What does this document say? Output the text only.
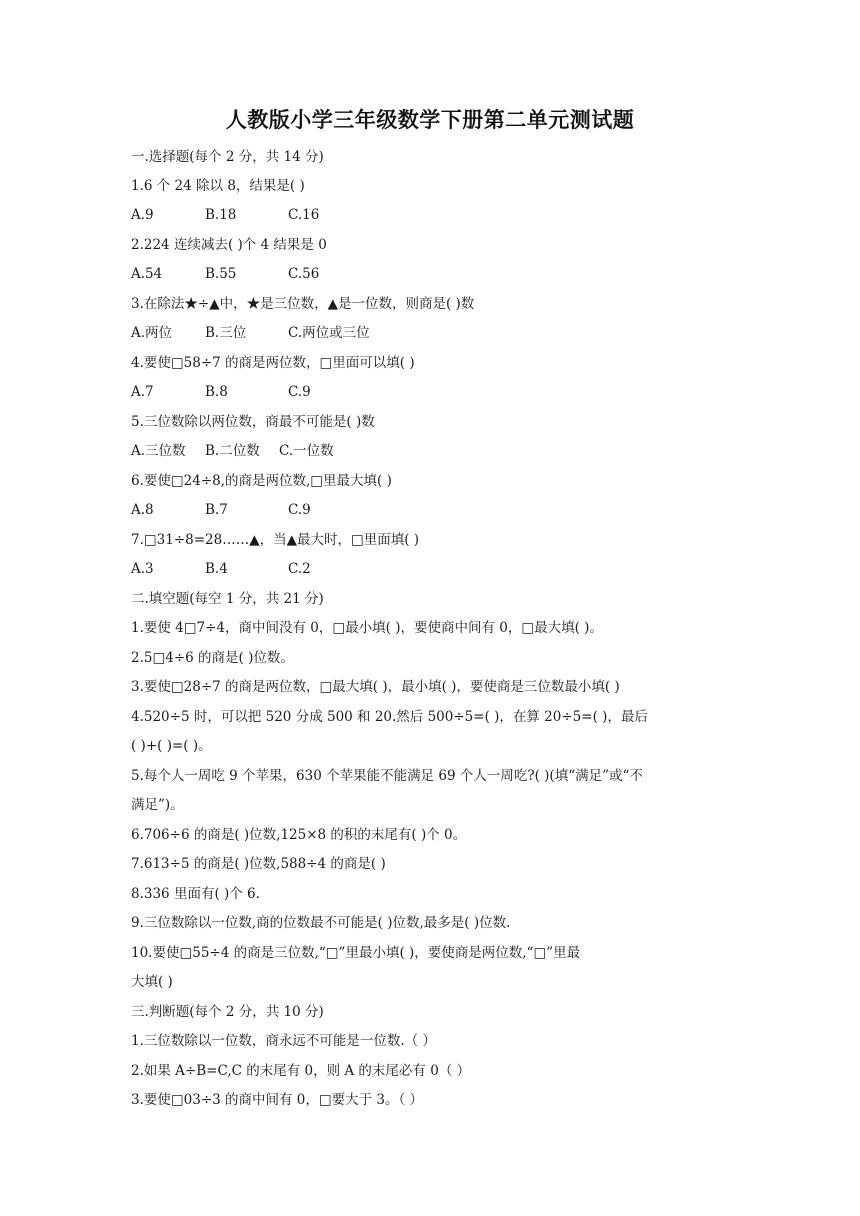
人教版小学三年级数学下册第二单元测试题
一.选择题(每个 2 分，共 14 分)
1.6 个 24 除以 8，结果是( )
A.9	B.18	C.16
2.224 连续减去( )个 4 结果是 0
A.54	B.55	C.56
3.在除法★÷▲中，★是三位数，▲是一位数，则商是( )数
A.两位 B.三位	C.两位或三位
4.要使□58÷7 的商是两位数，□里面可以填( )
A.7	B.8	C.9
5.三位数除以两位数，商最不可能是( )数
A.三位数 B.二位数 C.一位数
6.要使□24÷8,的商是两位数,□里最大填( )
A.8	B.7	C.9
7.□31÷8=28……▲，当▲最大时，□里面填( )
A.3	B.4	C.2
二.填空题(每空 1 分，共 21 分)
1.要使 4□7÷4，商中间没有 0，□最小填( )，要使商中间有 0，□最大填( )。
2.5□4÷6 的商是( )位数。
3.要使□28÷7 的商是两位数，□最大填( )，最小填( )，要使商是三位数最小填( )
4.520÷5 时，可以把 520 分成 500 和 20.然后 500÷5=( )，在算 20÷5=( )，最后
( )+( )=( )。
5.每个人一周吃 9 个苹果，630 个苹果能不能满足 69 个人一周吃?( )(填“满足”或“不
满足”)。
6.706÷6 的商是( )位数,125×8 的积的末尾有( )个 0。
7.613÷5 的商是( )位数,588÷4 的商是( )
8.336 里面有( )个 6.
9.三位数除以一位数,商的位数最不可能是( )位数,最多是( )位数.
10.要使□55÷4 的商是三位数,“□”里最小填( )，要使商是两位数,“□”里最
大填( )
三.判断题(每个 2 分，共 10 分)
1.三位数除以一位数，商永远不可能是一位数.（ ）
2.如果 A÷B=C,C 的末尾有 0，则 A 的末尾必有 0（ ）
3.要使□03÷3 的商中间有 0，□要大于 3。（ ）
